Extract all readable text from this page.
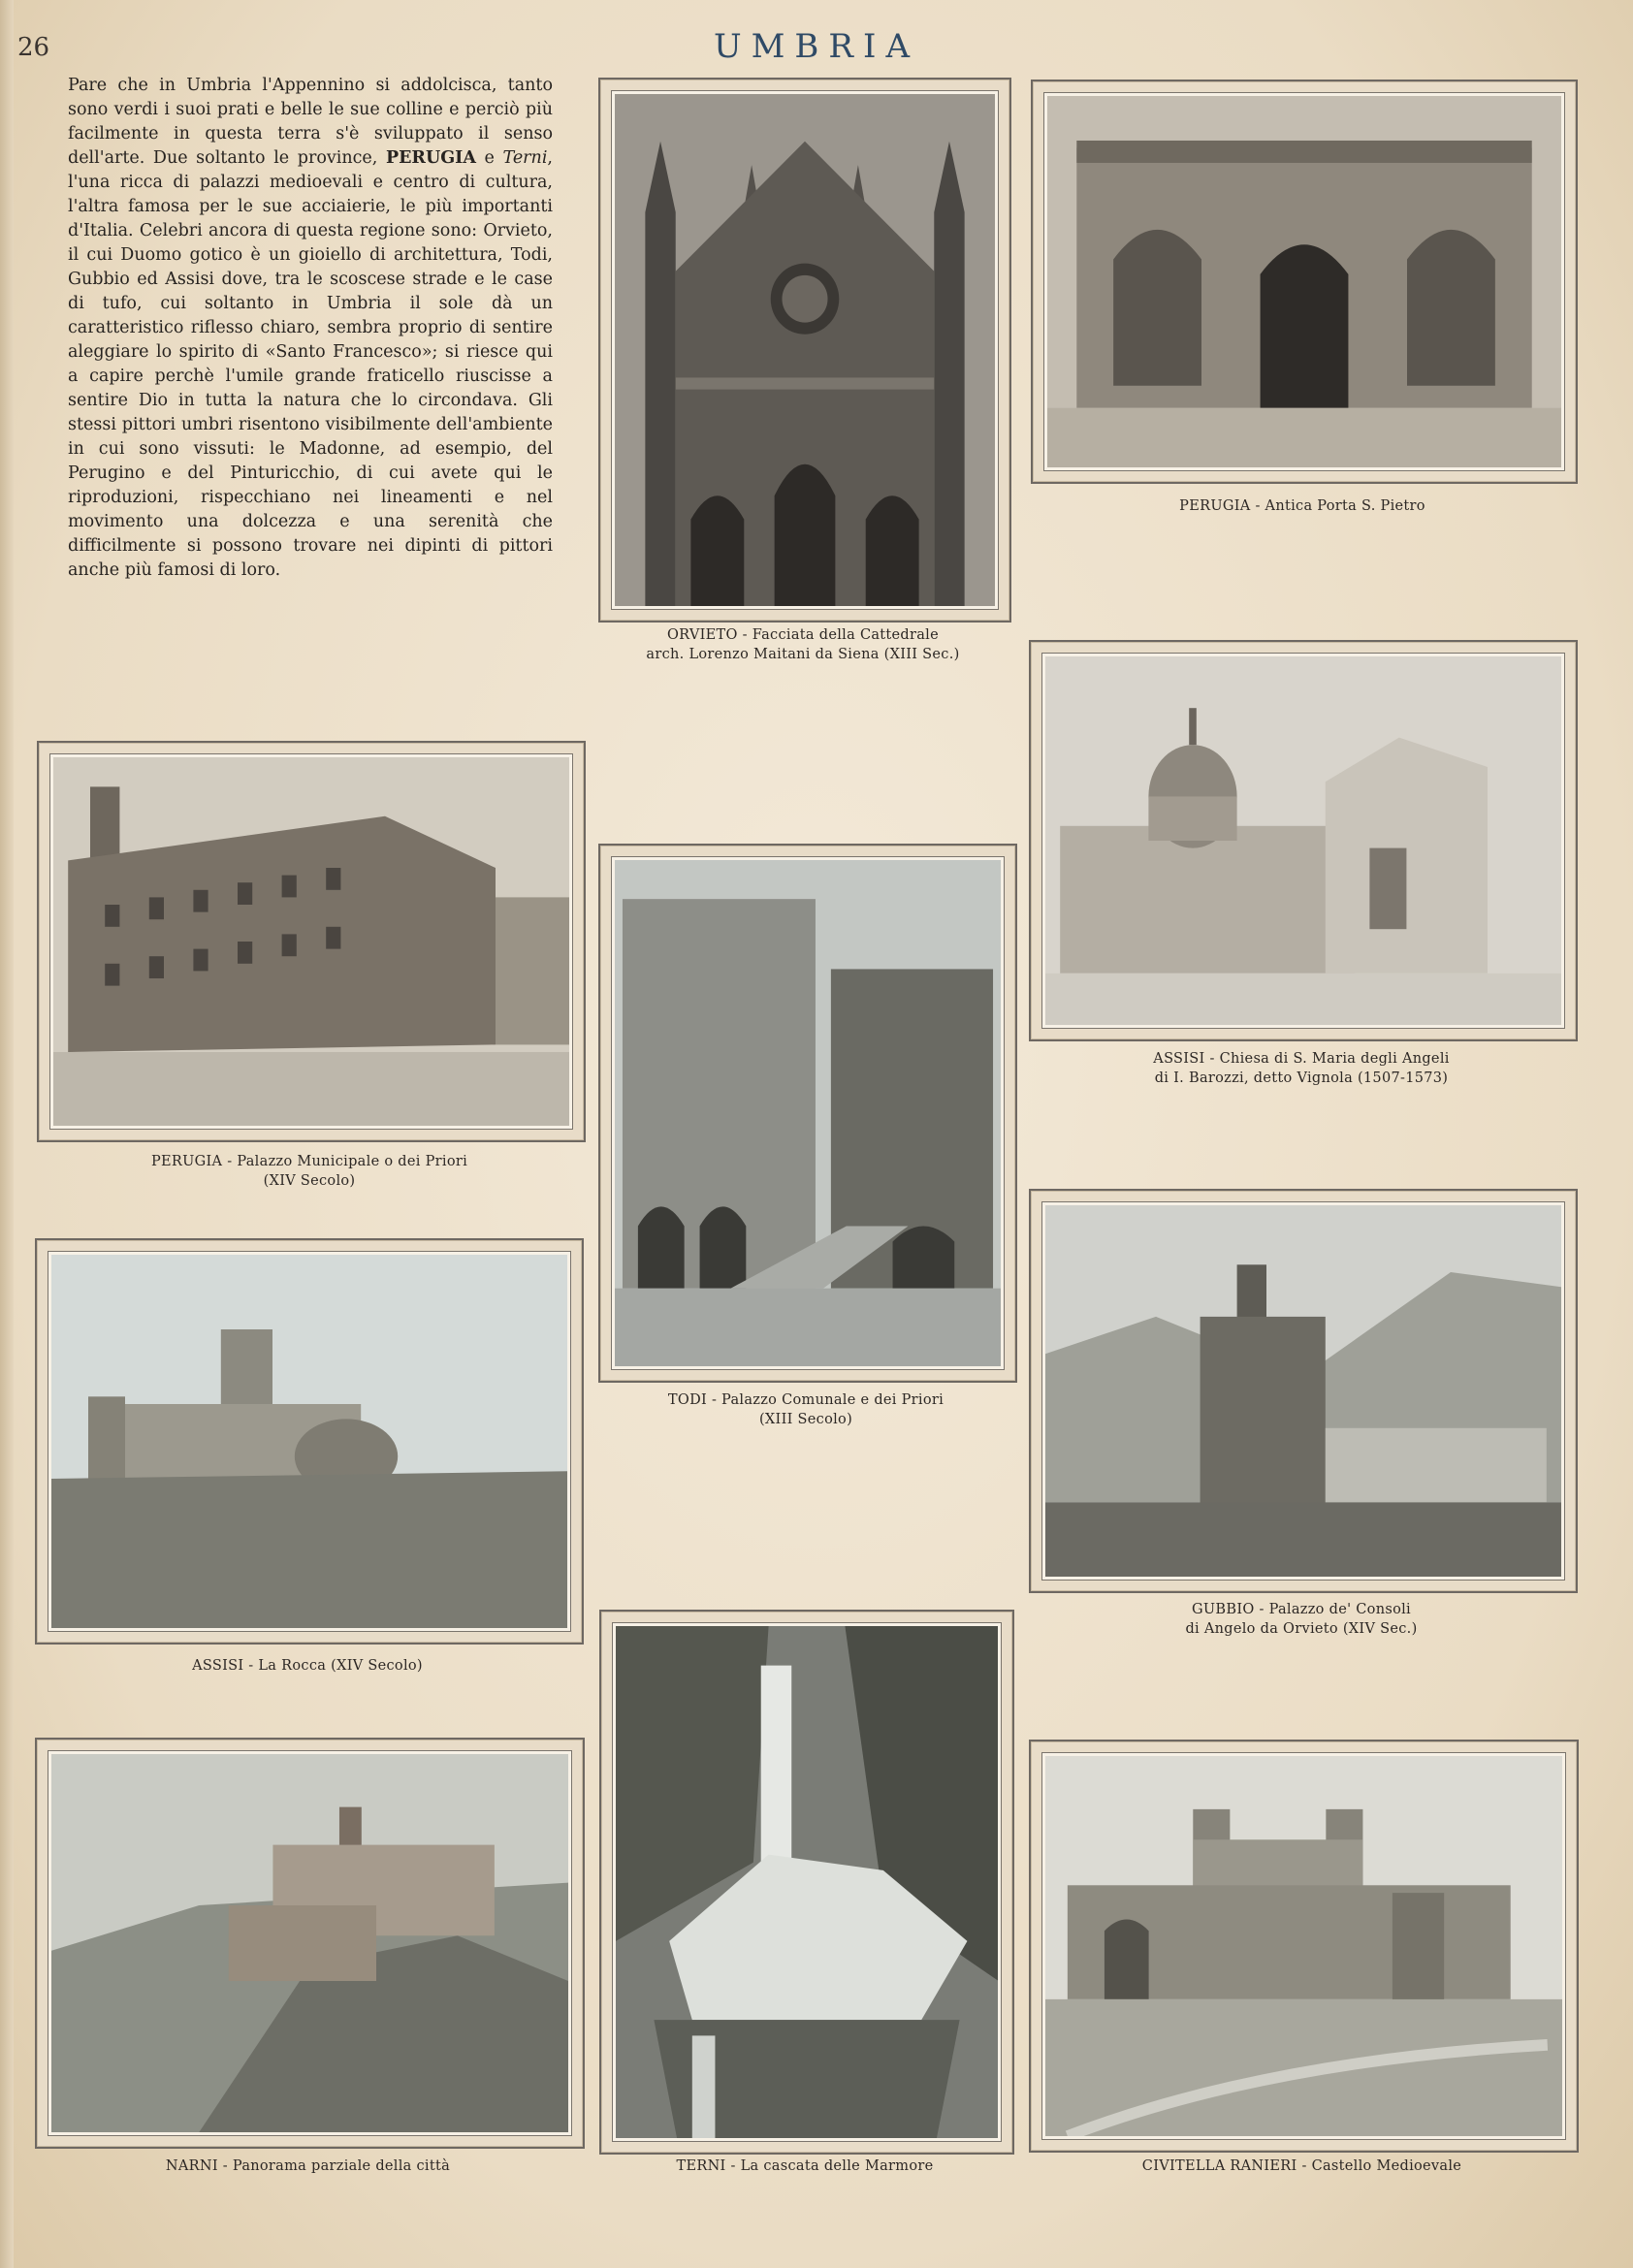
26	UMBRIA

Pare che in Umbria l'Appennino si addolcisca, tanto sono verdi i suoi prati e belle le sue colline e perciò più facilmente in questa terra s'è sviluppato il senso dell'arte. Due soltanto le province, PERUGIA e Terni, l'una ricca di palazzi medioevali e centro di cultura, l'altra famosa per le sue acciaierie, le più importanti d'Italia. Celebri ancora di questa regione sono: Orvieto, il cui Duomo gotico è un gioiello di architettura, Todi, Gubbio ed Assisi dove, tra le scoscese strade e le case di tufo, cui soltanto in Umbria il sole dà un caratteristico riflesso chiaro, sembra proprio di sentire aleggiare lo spirito di «Santo Francesco»; si riesce qui a capire perchè l'umile grande fraticello riuscisse a sentire Dio in tutta la natura che lo circondava. Gli stessi pittori umbri risentono visibilmente dell'ambiente in cui sono vissuti: le Madonne, ad esempio, del Perugino e del Pinturicchio, di cui avete qui le riproduzioni, rispecchiano nei lineamenti e nel movimento una dolcezza e una serenità che difficilmente si possono trovare nei dipinti di pittori anche più famosi di loro.

ORVIETO - Facciata della Cattedrale
arch. Lorenzo Maitani da Siena (XIII Sec.)
PERUGIA - Antica Porta S. Pietro
PERUGIA - Palazzo Municipale o dei Priori
(XIV Secolo)
ASSISI - Chiesa di S. Maria degli Angeli
di I. Barozzi, detto Vignola (1507-1573)
TODI - Palazzo Comunale e dei Priori
(XIII Secolo)
ASSISI - La Rocca (XIV Secolo)
GUBBIO - Palazzo de' Consoli
di Angelo da Orvieto (XIV Sec.)
NARNI - Panorama parziale della città	TERNI - La cascata delle Marmore	CIVITELLA RANIERI - Castello Medioevale
